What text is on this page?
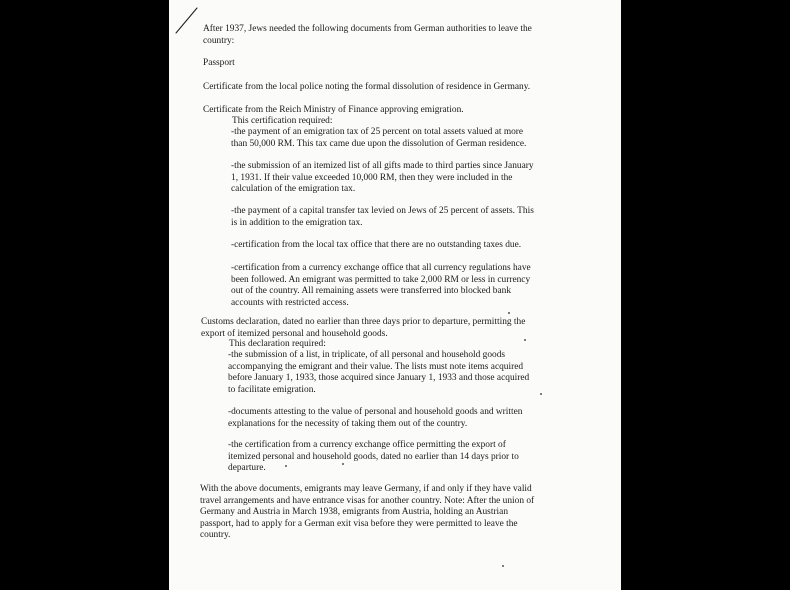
After 1937, Jews needed the following documents from German authorities to leave the
country:
Passport
Certificate from the local police noting the formal dissolution of residence in Germany.
Certificate from the Reich Ministry of Finance approving emigration.
This certification required:
-the payment of an emigration tax of 25 percent on total assets valued at more
than 50,000 RM. This tax came due upon the dissolution of German residence.
-the submission of an itemized list of all gifts made to third parties since January
1, 1931. If their value exceeded 10,000 RM, then they were included in the
calculation of the emigration tax.
-the payment of a capital transfer tax levied on Jews of 25 percent of assets. This
is in addition to the emigration tax.
-certification from the local tax office that there are no outstanding taxes due.
-certification from a currency exchange office that all currency regulations have
been followed. An emigrant was permitted to take 2,000 RM or less in currency
out of the country. All remaining assets were transferred into blocked bank
accounts with restricted access.
Customs declaration, dated no earlier than three days prior to departure, permitting the
export of itemized personal and household goods.
This declaration required:
-the submission of a list, in triplicate, of all personal and household goods
accompanying the emigrant and their value. The lists must note items acquired
before January 1, 1933, those acquired since January 1, 1933 and those acquired
to facilitate emigration.
-documents attesting to the value of personal and household goods and written
explanations for the necessity of taking them out of the country.
-the certification from a currency exchange office permitting the export of
itemized personal and household goods, dated no earlier than 14 days prior to
departure.
With the above documents, emigrants may leave Germany, if and only if they have valid
travel arrangements and have entrance visas for another country. Note: After the union of
Germany and Austria in March 1938, emigrants from Austria, holding an Austrian
passport, had to apply for a German exit visa before they were permitted to leave the
country.
